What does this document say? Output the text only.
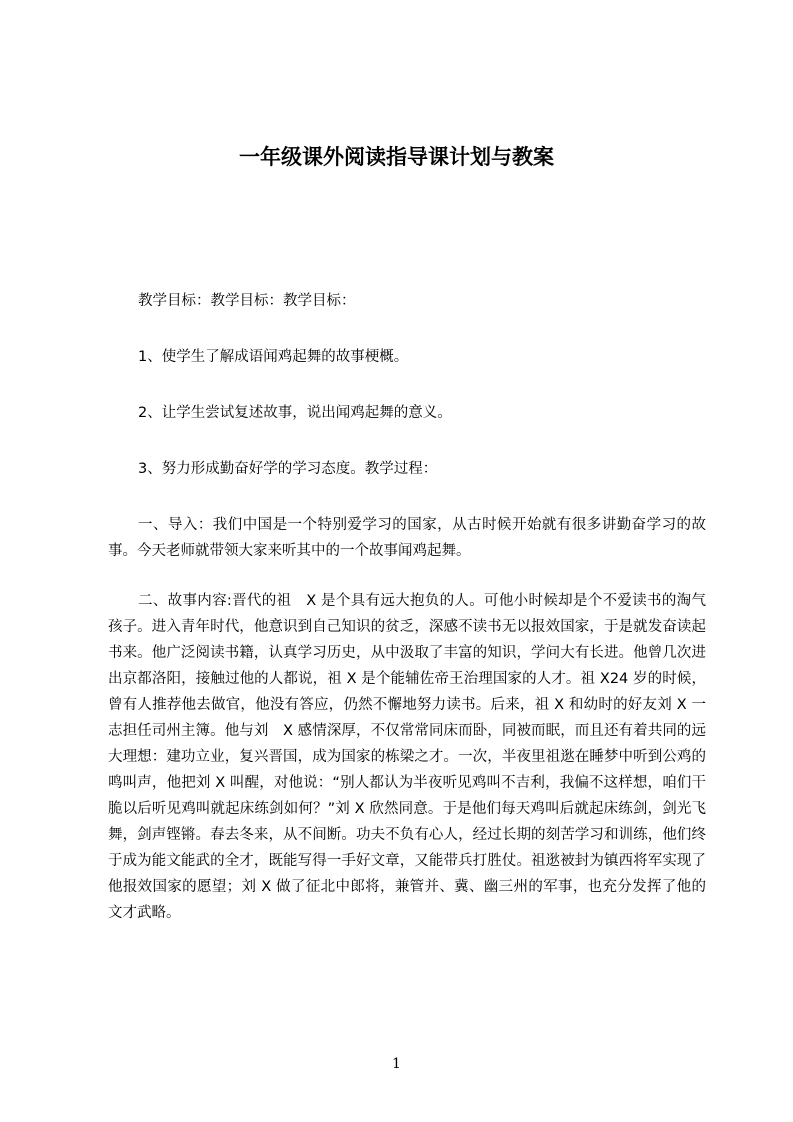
一年级课外阅读指导课计划与教案

教学目标：教学目标：教学目标：

1、使学生了解成语闻鸡起舞的故事梗概。

2、让学生尝试复述故事，说出闻鸡起舞的意义。

3、努力形成勤奋好学的学习态度。教学过程：

一、导入：我们中国是一个特别爱学习的国家，从古时候开始就有很多讲勤奋学习的故事。今天老师就带领大家来听其中的一个故事闻鸡起舞。

二、故事内容:晋代的祖　X 是个具有远大抱负的人。可他小时候却是个不爱读书的淘气孩子。进入青年时代，他意识到自己知识的贫乏，深感不读书无以报效国家，于是就发奋读起书来。他广泛阅读书籍，认真学习历史，从中汲取了丰富的知识，学问大有长进。他曾几次进出京都洛阳，接触过他的人都说，祖 X 是个能辅佐帝王治理国家的人才。祖 X24 岁的时候，曾有人推荐他去做官，他没有答应，仍然不懈地努力读书。后来，祖 X 和幼时的好友刘 X 一志担任司州主簿。他与刘　X 感情深厚，不仅常常同床而卧，同被而眠，而且还有着共同的远大理想：建功立业，复兴晋国，成为国家的栋梁之才。一次，半夜里祖逖在睡梦中听到公鸡的鸣叫声，他把刘 X 叫醒，对他说：“别人都认为半夜听见鸡叫不吉利，我偏不这样想，咱们干脆以后听见鸡叫就起床练剑如何？”刘 X 欣然同意。于是他们每天鸡叫后就起床练剑，剑光飞舞，剑声铿锵。春去冬来，从不间断。功夫不负有心人，经过长期的刻苦学习和训练，他们终于成为能文能武的全才，既能写得一手好文章，又能带兵打胜仗。祖逖被封为镇西将军实现了他报效国家的愿望；刘 X 做了征北中郎将，兼管并、冀、幽三州的军事，也充分发挥了他的文才武略。

1
